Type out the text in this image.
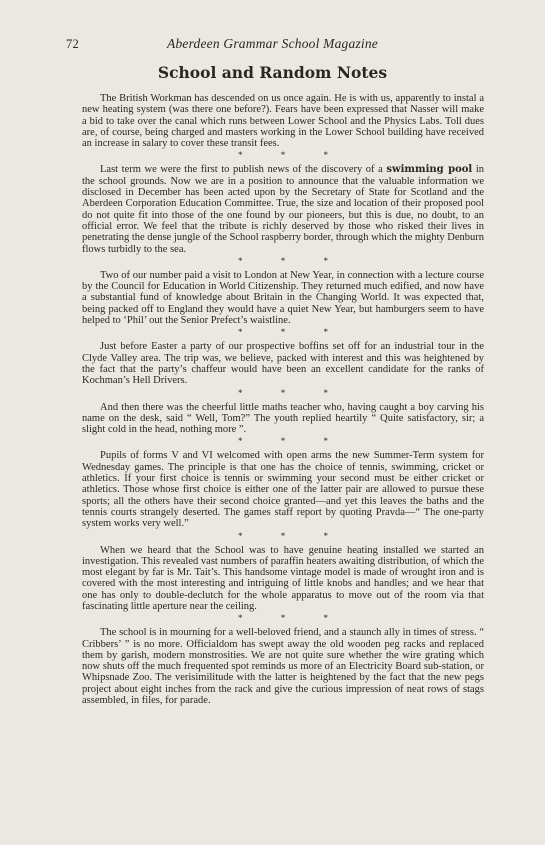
72	Aberdeen Grammar School Magazine
School and Random Notes

The British Workman has descended on us once again. He is with us, apparently to instal a new heating system (was there one before?). Fears have been expressed that Nasser will make a bid to take over the canal which runs between Lower School and the Physics Labs. Toll dues are, of course, being charged and masters working in the Lower School building have received an increase in salary to cover these transit fees.

* * *

Last term we were the first to publish news of the discovery of a swimming pool in the school grounds. Now we are in a position to announce that the valuable information we disclosed in December has been acted upon by the Secretary of State for Scotland and the Aberdeen Corporation Education Committee. True, the size and location of their proposed pool do not quite fit into those of the one found by our pioneers, but this is due, no doubt, to an official error. We feel that the tribute is richly deserved by those who risked their lives in penetrating the dense jungle of the School raspberry border, through which the mighty Denburn flows turbidly to the sea.

* * *

Two of our number paid a visit to London at New Year, in connection with a lecture course by the Council for Education in World Citizenship. They returned much edified, and now have a substantial fund of knowledge about Britain in the Changing World. It was expected that, being packed off to England they would have a quiet New Year, but hamburgers seem to have helped to ‘Phil’ out the Senior Prefect’s waistline.

* * *

Just before Easter a party of our prospective boffins set off for an industrial tour in the Clyde Valley area. The trip was, we believe, packed with interest and this was heightened by the fact that the party’s chaffeur would have been an excellent candidate for the ranks of Kochman’s Hell Drivers.

* * *

And then there was the cheerful little maths teacher who, having caught a boy carving his name on the desk, said “ Well, Tom?” The youth replied heartily “ Quite satisfactory, sir; a slight cold in the head, nothing more ”.

* * *

Pupils of forms V and VI welcomed with open arms the new Summer-Term system for Wednesday games. The principle is that one has the choice of tennis, swimming, cricket or athletics. If your first choice is tennis or swimming your second must be either cricket or athletics. Those whose first choice is either one of the latter pair are allowed to pursue these sports; all the others have their second choice granted—and yet this leaves the baths and the tennis courts strangely deserted. The games staff report by quoting Pravda—“ The one-party system works very well.”

* * *

When we heard that the School was to have genuine heating installed we started an investigation. This revealed vast numbers of paraffin heaters awaiting distribution, of which the most elegant by far is Mr. Tait’s. This handsome vintage model is made of wrought iron and is covered with the most interesting and intriguing of little knobs and handles; and we hear that one has only to double-declutch for the whole apparatus to move out of the room via that fascinating little aperture near the ceiling.

* * *

The school is in mourning for a well-beloved friend, and a staunch ally in times of stress. “ Cribbers’ ” is no more. Officialdom has swept away the old wooden peg racks and replaced them by garish, modern monstrosities. We are not quite sure whether the wire grating which now shuts off the much frequented spot reminds us more of an Electricity Board sub-station, or Whipsnade Zoo. The verisimilitude with the latter is heightened by the fact that the new pegs project about eight inches from the rack and give the curious impression of neat rows of stags assembled, in files, for parade.
